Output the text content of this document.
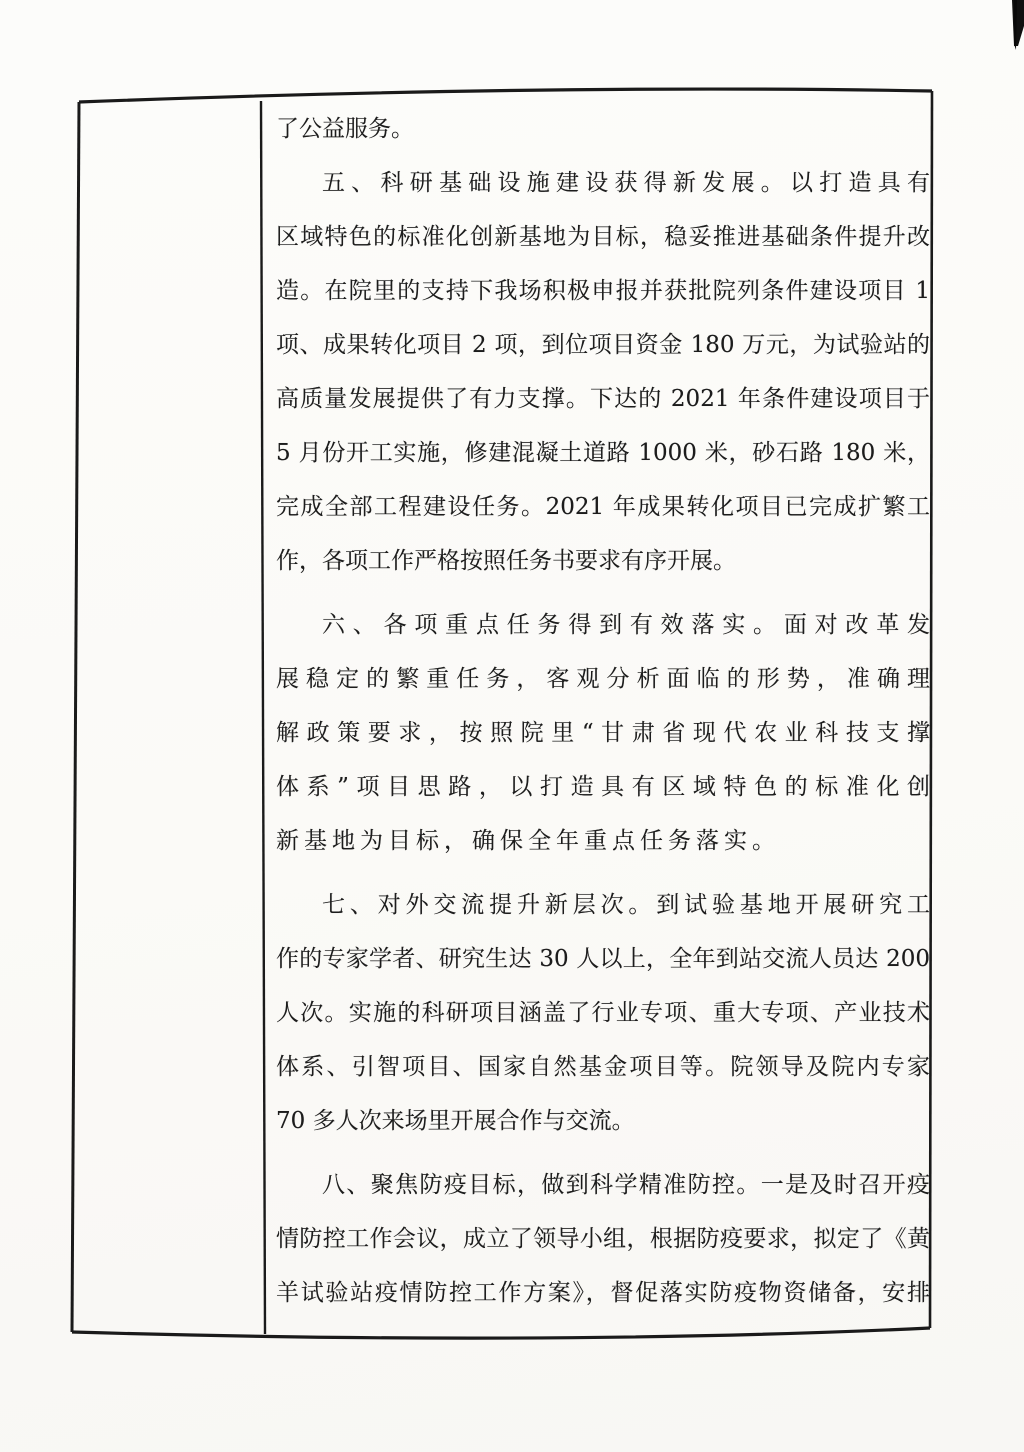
了公益服务。
五、科研基础设施建设获得新发展。以打造具有
区域特色的标准化创新基地为目标，稳妥推进基础条件提升改
造。在院里的支持下我场积极申报并获批院列条件建设项目 1
项、成果转化项目 2 项，到位项目资金 180 万元，为试验站的
高质量发展提供了有力支撑。下达的 2021 年条件建设项目于
5 月份开工实施，修建混凝土道路 1000 米，砂石路 180 米，
完成全部工程建设任务。2021 年成果转化项目已完成扩繁工
作，各项工作严格按照任务书要求有序开展。
六、各项重点任务得到有效落实。面对改革发
展稳定的繁重任务，客观分析面临的形势，准确理
解政策要求，按照院里“甘肃省现代农业科技支撑
体系”项目思路，以打造具有区域特色的标准化创
新基地为目标，确保全年重点任务落实。
七、对外交流提升新层次。到试验基地开展研究工
作的专家学者、研究生达 30 人以上，全年到站交流人员达 200
人次。实施的科研项目涵盖了行业专项、重大专项、产业技术
体系、引智项目、国家自然基金项目等。院领导及院内专家
70 多人次来场里开展合作与交流。
八、聚焦防疫目标，做到科学精准防控。一是及时召开疫
情防控工作会议，成立了领导小组，根据防疫要求，拟定了《黄
羊试验站疫情防控工作方案》，督促落实防疫物资储备，安排
